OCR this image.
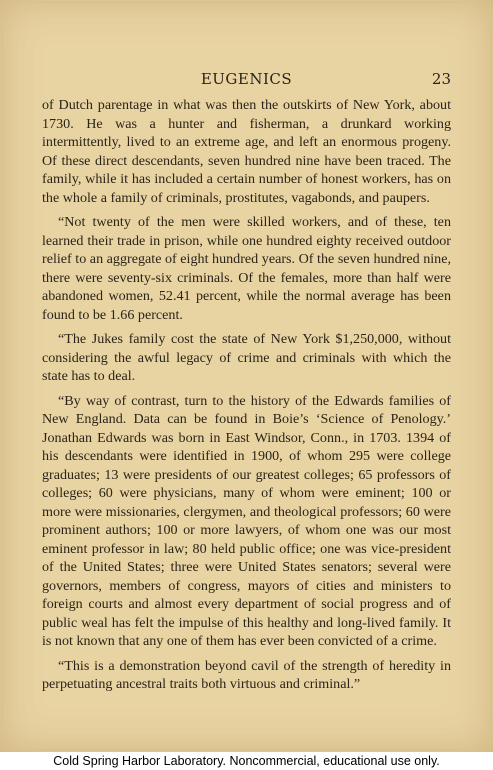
EUGENICS	23

of Dutch parentage in what was then the outskirts of New York, about 1730. He was a hunter and fisherman, a drunkard working intermittently, lived to an extreme age, and left an enormous progeny. Of these direct descendants, seven hundred nine have been traced. The family, while it has included a certain number of honest workers, has on the whole a family of criminals, prostitutes, vagabonds, and paupers.

“Not twenty of the men were skilled workers, and of these, ten learned their trade in prison, while one hundred eighty received outdoor relief to an aggregate of eight hundred years. Of the seven hundred nine, there were seventy-six criminals. Of the females, more than half were abandoned women, 52.41 percent, while the normal average has been found to be 1.66 percent.

“The Jukes family cost the state of New York $1,250,000, without considering the awful legacy of crime and criminals with which the state has to deal.

“By way of contrast, turn to the history of the Edwards families of New England. Data can be found in Boie’s ‘Science of Penology.’ Jonathan Edwards was born in East Windsor, Conn., in 1703. 1394 of his descendants were identified in 1900, of whom 295 were college graduates; 13 were presidents of our greatest colleges; 65 professors of colleges; 60 were physicians, many of whom were eminent; 100 or more were missionaries, clergymen, and theological professors; 60 were prominent authors; 100 or more lawyers, of whom one was our most eminent professor in law; 80 held public office; one was vice-president of the United States; three were United States senators; several were governors, members of congress, mayors of cities and ministers to foreign courts and almost every department of social progress and of public weal has felt the impulse of this healthy and long-lived family. It is not known that any one of them has ever been convicted of a crime.

“This is a demonstration beyond cavil of the strength of heredity in perpetuating ancestral traits both virtuous and criminal.”

Cold Spring Harbor Laboratory. Noncommercial, educational use only.
